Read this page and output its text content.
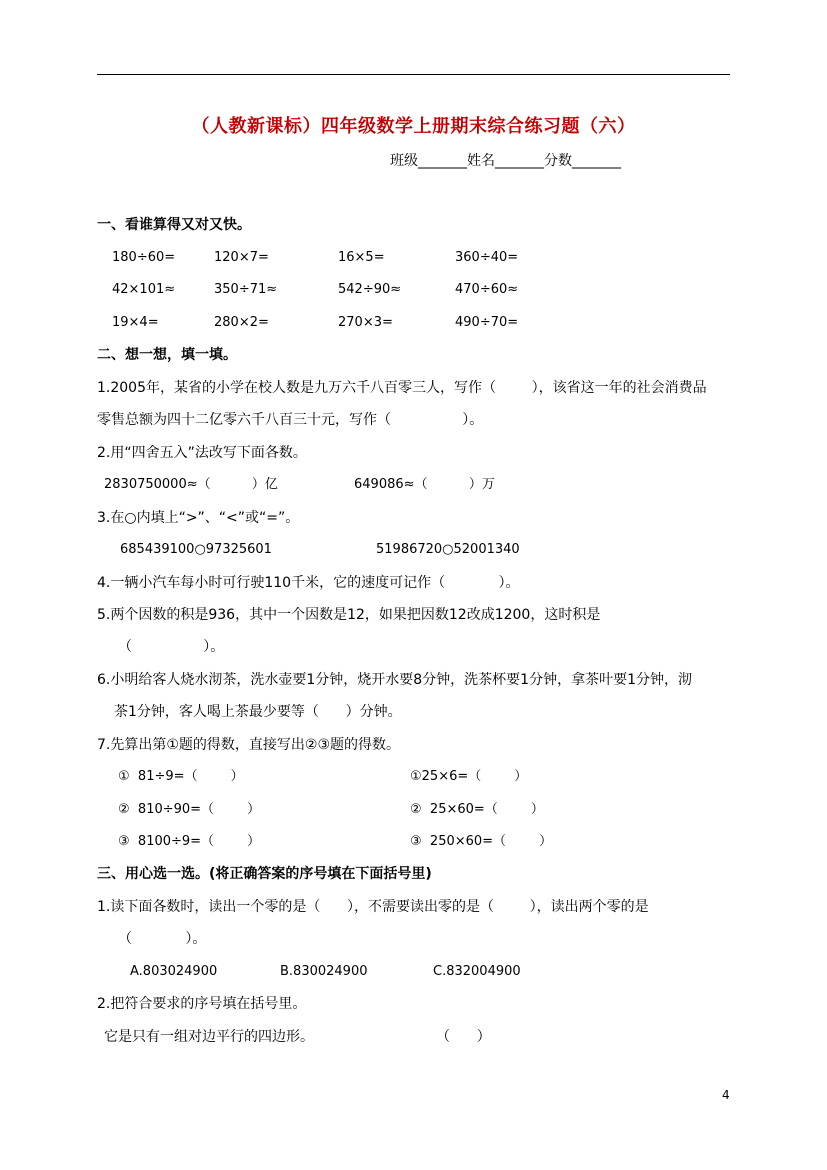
（人教新课标）四年级数学上册期末综合练习题（六）
班级_______姓名_______分数_______
一、看谁算得又对又快。
180÷60=	120×7=	16×5=	360÷40=
42×101≈	350÷71≈	542÷90≈	470÷60≈
19×4=	280×2=	270×3=	490÷70=
二、想一想，填一填。
1.2005年，某省的小学在校人数是九万六千八百零三人，写作（        ），该省这一年的社会消费品
零售总额为四十二亿零六千八百三十元，写作（                ）。
2.用“四舍五入”法改写下面各数。
2830750000≈（          ）亿	649086≈（          ）万
3.在○内填上“>”、“<”或“=”。
685439100○97325601	51986720○52001340
4.一辆小汽车每小时可行驶110千米，它的速度可记作（            ）。
5.两个因数的积是936，其中一个因数是12，如果把因数12改成1200，这时积是
（                ）。
6.小明给客人烧水沏茶，洗水壶要1分钟，烧开水要8分钟，洗茶杯要1分钟，拿茶叶要1分钟，沏
茶1分钟，客人喝上茶最少要等（      ）分钟。
7.先算出第①题的得数，直接写出②③题的得数。
①  81÷9=（        ）	①25×6=（        ）
②  810÷90=（        ）	②  25×60=（        ）
③  8100÷9=（        ）	③  250×60=（        ）
三、用心选一选。(将正确答案的序号填在下面括号里)
1.读下面各数时，读出一个零的是（      ），不需要读出零的是（        ），读出两个零的是
（            ）。
A.803024900	B.830024900	C.832004900
2.把符合要求的序号填在括号里。
它是只有一组对边平行的四边形。	（      ）
4
